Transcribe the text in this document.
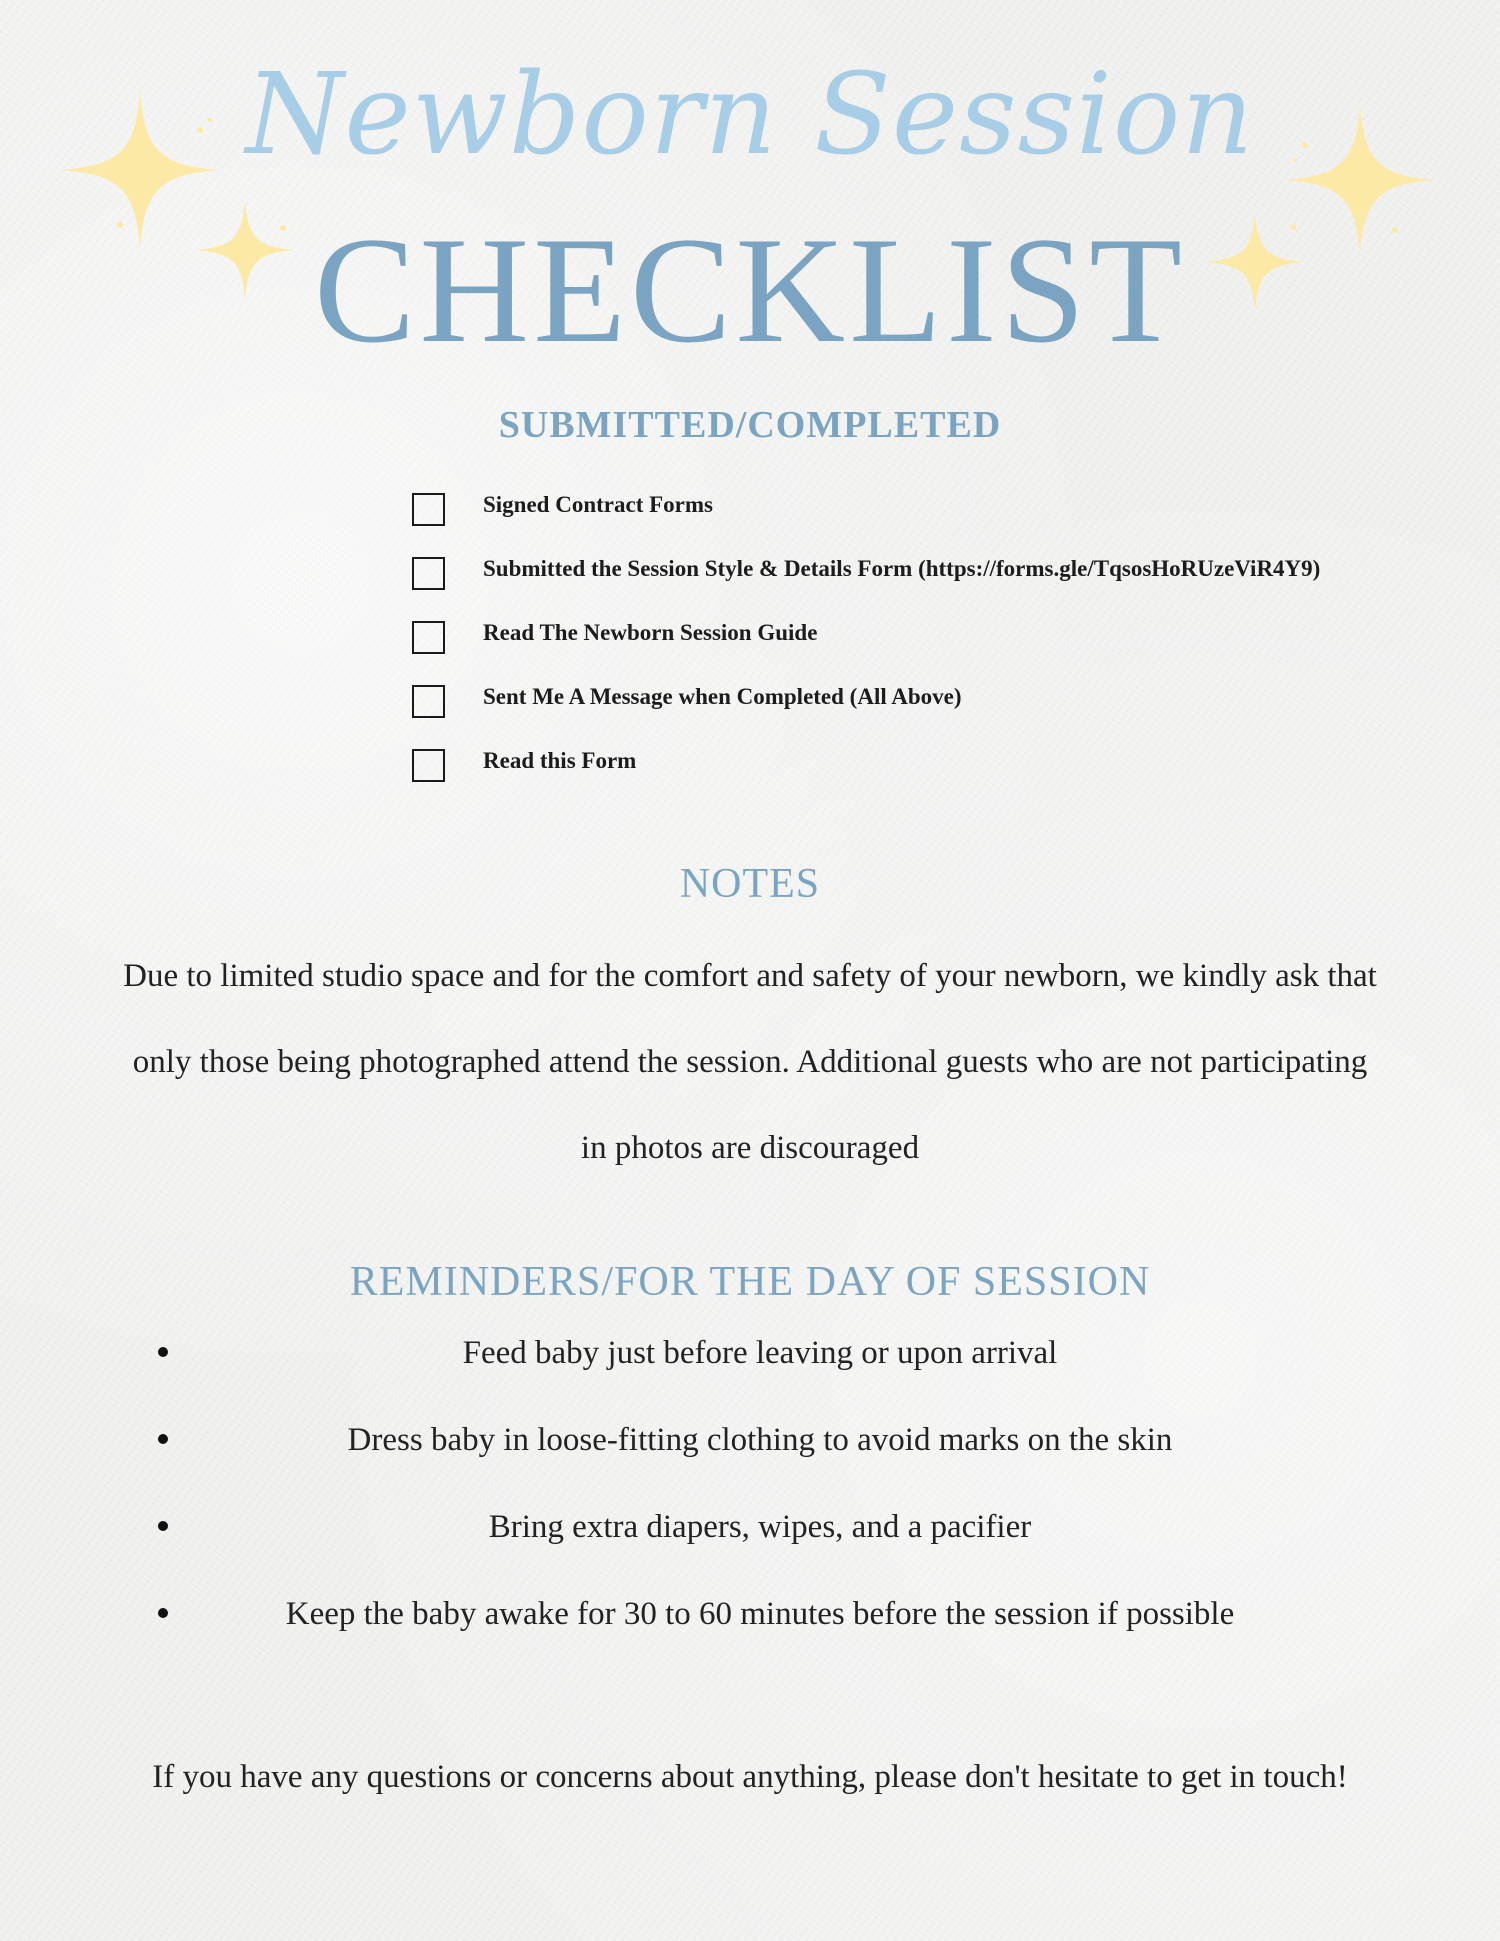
Newborn Session
CHECKLIST
SUBMITTED/COMPLETED
Signed Contract Forms
Submitted the Session Style & Details Form (https://forms.gle/TqsosHoRUzeViR4Y9)
Read The Newborn Session Guide
Sent Me A Message when Completed (All Above)
Read this Form
NOTES
Due to limited studio space and for the comfort and safety of your newborn, we kindly ask that only those being photographed attend the session. Additional guests who are not participating in photos are discouraged
REMINDERS/FOR THE DAY OF SESSION
Feed baby just before leaving or upon arrival
Dress baby in loose-fitting clothing to avoid marks on the skin
Bring extra diapers, wipes, and a pacifier
Keep the baby awake for 30 to 60 minutes before the session if possible
If you have any questions or concerns about anything, please don't hesitate to get in touch!
